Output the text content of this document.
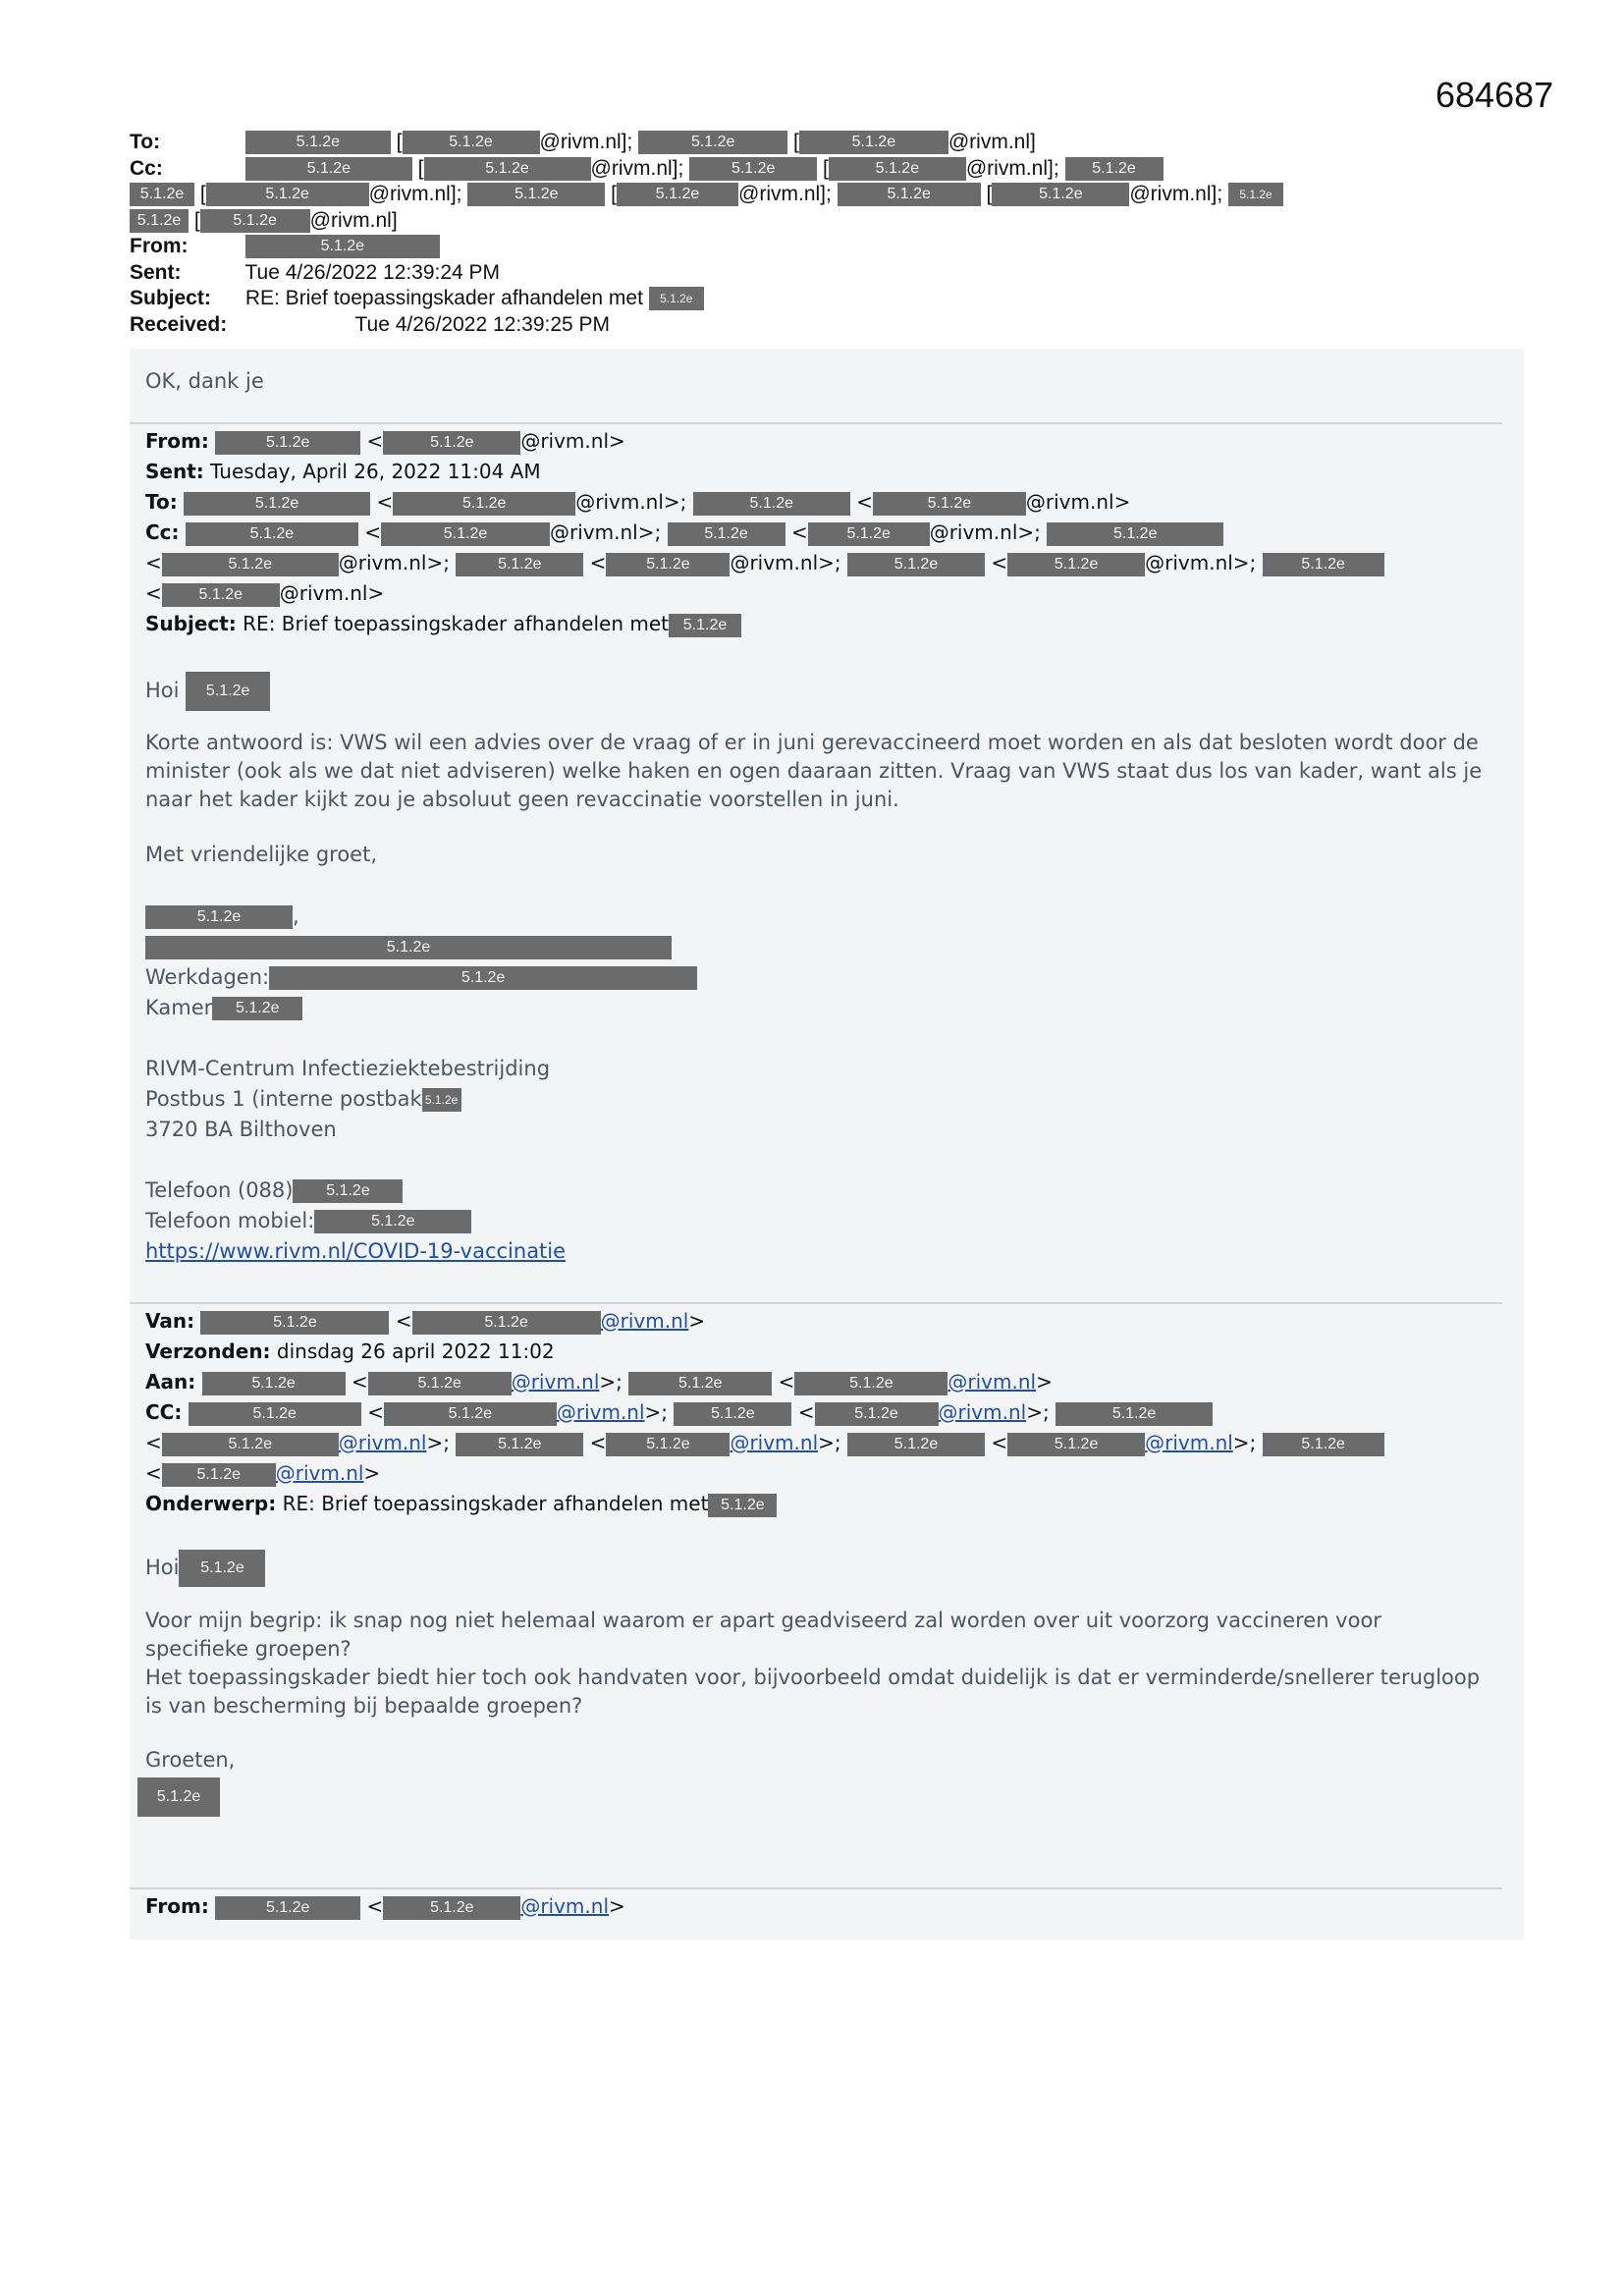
684687
To:	5.1.2e [	5.1.2e @rivm.nl];	5.1.2e	[	5.1.2e	@rivm.nl]
Cc:	5.1.2e	[	5.1.2e	@rivm.nl];	5.1.2e [	5.1.2e @rivm.nl]; 5.1.2e
5.1.2e [	5.1.2e	@rivm.nl];	5.1.2e [ 5.1.2e @rivm.nl];	5.1.2e [	5.1.2e @rivm.nl]; 5.1.2e
5.1.2e [ 5.1.2e @rivm.nl]
From:	5.1.2e
Sent:	Tue 4/26/2022 12:39:24 PM
Subject: RE: Brief toepassingskader afhandelen met 5.1.2e
Received:	Tue 4/26/2022 12:39:25 PM
OK, dank je
From:	5.1.2e	<	5.1.2e @rivm.nl>
Sent: Tuesday, April 26, 2022 11:04 AM
To:	5.1.2e	<	5.1.2e	@rivm.nl>;	5.1.2e	<	5.1.2e	@rivm.nl>
Cc:	5.1.2e	<	5.1.2e	@rivm.nl>;	5.1.2e < 5.1.2e @rivm.nl>;	5.1.2e
<	5.1.2e	@rivm.nl>;	5.1.2e <	5.1.2e @rivm.nl>;	5.1.2e <	5.1.2e @rivm.nl>;	5.1.2e
< 5.1.2e @rivm.nl>
Subject: RE: Brief toepassingskader afhandelen met 5.1.2e
Hoi 5.1.2e
Korte antwoord is: VWS wil een advies over de vraag of er in juni gerevaccineerd moet worden en als dat besloten wordt door de minister (ook als we dat niet adviseren) welke haken en ogen daaraan zitten. Vraag van VWS staat dus los van kader, want als je naar het kader kijkt zou je absoluut geen revaccinatie voorstellen in juni.
Met vriendelijke groet,
5.1.2e	,
5.1.2e
Werkdagen:	5.1.2e
Kamer 5.1.2e
RIVM-Centrum Infectieziektebestrijding
Postbus 1 (interne postbak 5.1.2e
3720 BA Bilthoven
Telefoon (088) 5.1.2e
Telefoon mobiel:	5.1.2e
https://www.rivm.nl/COVID-19-vaccinatie
Van:	5.1.2e	<	5.1.2e	@rivm.nl>
Verzonden: dinsdag 26 april 2022 11:02
Aan:	5.1.2e	<	5.1.2e	@rivm.nl>;	5.1.2e	<	5.1.2e	@rivm.nl>
CC:	5.1.2e	<	5.1.2e	@rivm.nl>; 5.1.2e <	5.1.2e @rivm.nl>;	5.1.2e
<	5.1.2e	@rivm.nl>;	5.1.2e <	5.1.2e @rivm.nl>;	5.1.2e <	5.1.2e @rivm.nl>; 5.1.2e
< 5.1.2e @rivm.nl>
Onderwerp: RE: Brief toepassingskader afhandelen met 5.1.2e
Hoi 5.1.2e
Voor mijn begrip: ik snap nog niet helemaal waarom er apart geadviseerd zal worden over uit voorzorg vaccineren voor specifieke groepen?
Het toepassingskader biedt hier toch ook handvaten voor, bijvoorbeeld omdat duidelijk is dat er verminderde/snellerer terugloop is van bescherming bij bepaalde groepen?
Groeten,
5.1.2e
From:	5.1.2e	<	5.1.2e @rivm.nl>
